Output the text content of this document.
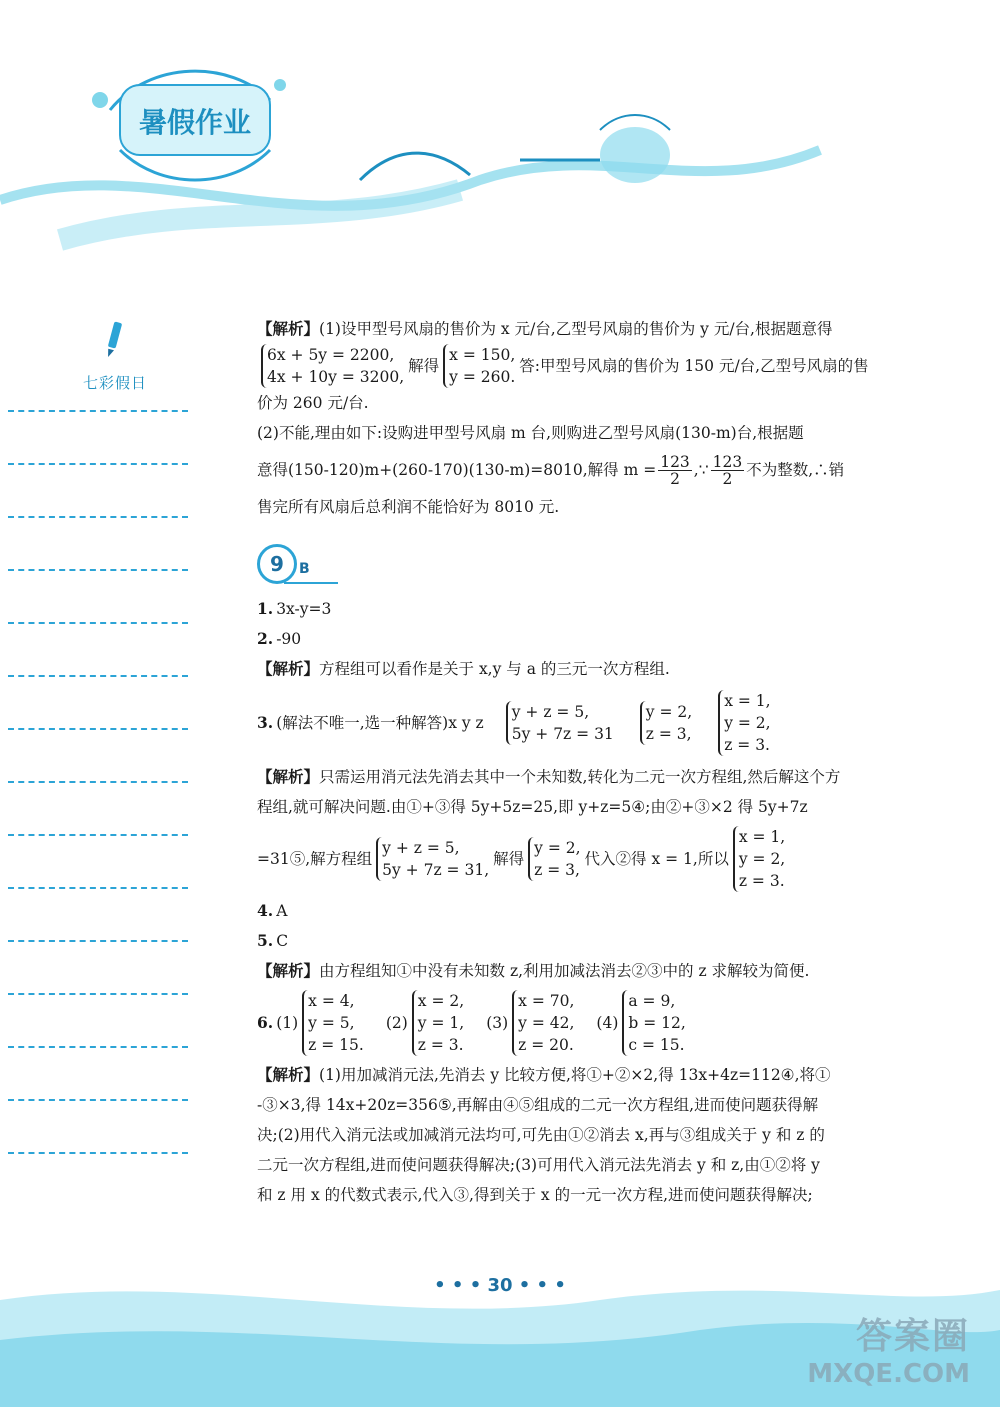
暑假作业
七彩假日

【解析】(1)设甲型号风扇的售价为 x 元/台,乙型号风扇的售价为 y 元/台,根据题意得

6x + 5y = 2200,
4x + 10y = 3200,
解得
x = 150,
y = 260.
答:甲型号风扇的售价为 150 元/台,乙型号风扇的售

价为 260 元/台.

(2)不能,理由如下:设购进甲型号风扇 m 台,则购进乙型号风扇(130-m)台,根据题

意得(150-120)m+(260-170)(130-m)=8010,解得 $m = \frac{123}{2}$ ,∵ $\frac{123}{2}$ 不为整数,∴销

售完所有风扇后总利润不能恰好为 8010 元.

9	B

1. 3x-y=3

2. -90

【解析】方程组可以看作是关于 x,y 与 a 的三元一次方程组.

3. (解法不唯一,选一种解答)x y z
y + z = 5,
5y + 7z = 31
y = 2,
z = 3,
x = 1,
y = 2,
z = 3.

【解析】只需运用消元法先消去其中一个未知数,转化为二元一次方程组,然后解这个方

程组,就可解决问题.由①+③得 5y+5z=25,即 y+z=5④;由②+③×2 得 5y+7z

=31⑤,解方程组
y + z = 5,
5y + 7z = 31,
解得
y = 2,
z = 3,
代入②得 x = 1,所以
x = 1,
y = 2,
z = 3.

4. A

5. C

【解析】由方程组知①中没有未知数 z,利用加减法消去②③中的 z 求解较为简便.

6. (1)
x = 4,
y = 5,
z = 15.
(2)
x = 2,
y = 1,
z = 3.
(3)
x = 70,
y = 42,
z = 20.
(4)
a = 9,
b = 12,
c = 15.

【解析】(1)用加减消元法,先消去 y 比较方便,将①+②×2,得 13x+4z=112④,将①

-③×3,得 14x+20z=356⑤,再解由④⑤组成的二元一次方程组,进而使问题获得解

决;(2)用代入消元法或加减消元法均可,可先由①②消去 x,再与③组成关于 y 和 z 的

二元一次方程组,进而使问题获得解决;(3)可用代入消元法先消去 y 和 z,由①②将 y

和 z 用 x 的代数式表示,代入③,得到关于 x 的一元一次方程,进而使问题获得解决;

• • • 30 • • •
答案圈
MXQE.COM
